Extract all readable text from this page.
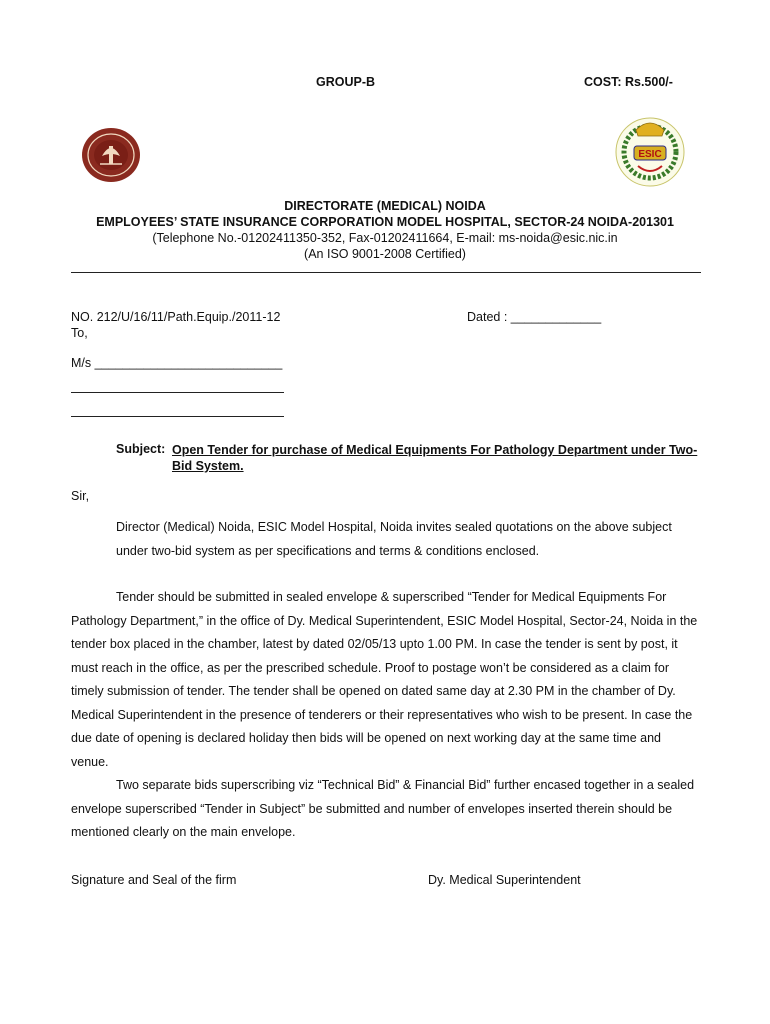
GROUP-B	COST: Rs.500/-
ESIC
DIRECTORATE (MEDICAL) NOIDA
EMPLOYEES’ STATE INSURANCE CORPORATION MODEL HOSPITAL, SECTOR-24 NOIDA-201301
(Telephone No.-01202411350-352, Fax-01202411664, E-mail: ms-noida@esic.nic.in
(An ISO 9001-2008 Certified)
NO. 212/U/16/11/Path.Equip./2011-12	Dated : _____________
To,
M/s ___________________________
Subject: Open Tender for purchase of Medical Equipments For Pathology Department under Two-Bid System.
Sir,
Director (Medical) Noida, ESIC Model Hospital, Noida invites sealed quotations on the above subject under two-bid system as per specifications and terms & conditions enclosed.
Tender should be submitted in sealed envelope & superscribed “Tender for Medical Equipments For Pathology Department,” in the office of Dy. Medical Superintendent, ESIC Model Hospital, Sector-24, Noida in the tender box placed in the chamber, latest by dated 02/05/13 upto 1.00 PM. In case the tender is sent by post, it must reach in the office, as per the prescribed schedule. Proof to postage won’t be considered as a claim for timely submission of tender. The tender shall be opened on dated same day at 2.30 PM in the chamber of Dy. Medical Superintendent in the presence of tenderers or their representatives who wish to be present. In case the due date of opening is declared holiday then bids will be opened on next working day at the same time and venue.
Two separate bids superscribing viz “Technical Bid” & Financial Bid” further encased together in a sealed envelope superscribed “Tender in Subject” be submitted and number of envelopes inserted therein should be mentioned clearly on the main envelope.
Signature and Seal of the firm	Dy. Medical Superintendent
